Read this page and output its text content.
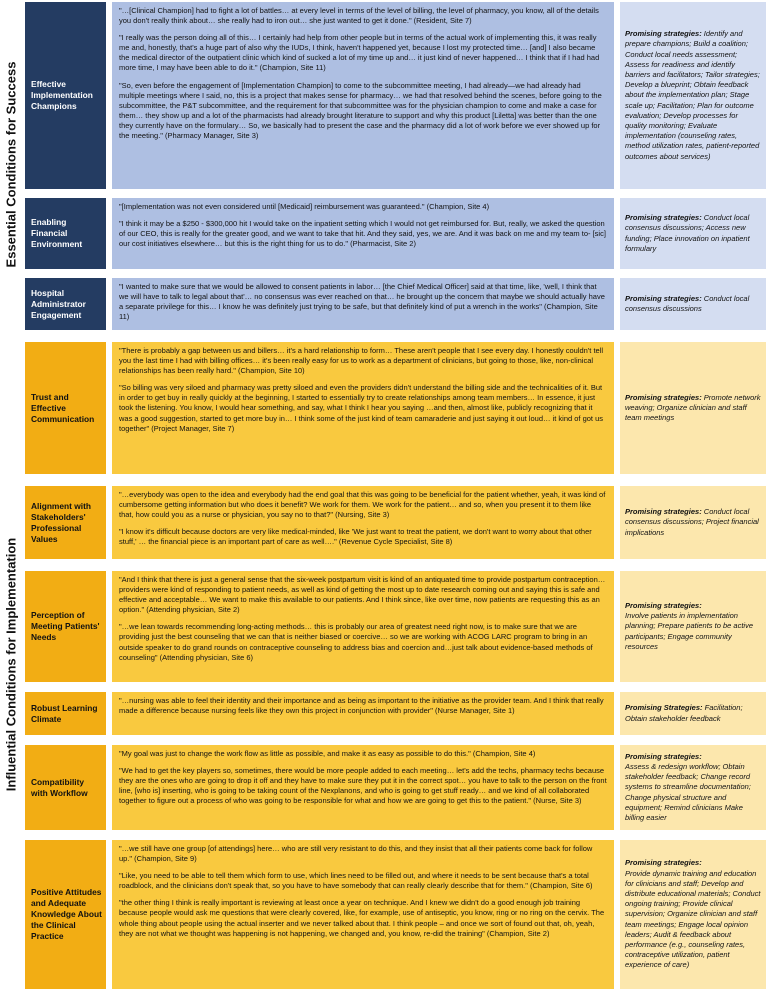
Essential Conditions for Success
Influential Conditions for Implementation
Effective Implementation Champions

"…[Clinical Champion] had to fight a lot of battles… at every level in terms of the level of billing, the level of pharmacy, you know, all of the details you don't really think about… she really had to iron out… she just wanted to get it done." (Resident, Site 7)

"I really was the person doing all of this… I certainly had help from other people but in terms of the actual work of implementing this, it was really me and, honestly, that's a huge part of also why the IUDs, I think, haven't happened yet, because I lost my protected time… [and] I also became the medical director of the outpatient clinic which kind of sucked a lot of my time up and… it just kind of never happened… I think that if I had had more time, I may have been able to do it." (Champion, Site 11)

"So, even before the engagement of [Implementation Champion] to come to the subcommittee meeting, I had already—we had already had multiple meetings where I said, no, this is a project that makes sense for pharmacy… we had that resolved behind the scenes, before going to the subcommittee, the P&T subcommittee, and the requirement for that subcommittee was for the physician champion to come and make a case for them… they show up and a lot of the pharmacists had already brought literature to support and why this product [Liletta] was better than the one they currently have on the formulary… So, we basically had to present the case and the pharmacy did a lot of work before we ever showed up for the meeting." (Pharmacy Manager, Site 3)

Promising strategies: Identify and prepare champions; Build a coalition; Conduct local needs assessment; Assess for readiness and identify barriers and facilitators; Tailor strategies; Develop a blueprint; Obtain feedback about the implementation plan; Stage scale up; Facilitation; Plan for outcome evaluation; Develop processes for quality monitoring; Evaluate implementation (counseling rates, method utilization rates, patient-reported outcomes about services)
Enabling Financial Environment

"[Implementation was not even considered until [Medicaid] reimbursement was guaranteed." (Champion, Site 4)

"I think it may be a $250 - $300,000 hit I would take on the inpatient setting which I would not get reimbursed for. But, really, we asked the question of our CEO, this is really for the greater good, and we want to take that hit. And they said, yes, we are. And it was back on me and my team to- [sic] our cost initiatives elsewhere… but this is the right thing for us to do." (Pharmacist, Site 2)

Promising strategies: Conduct local consensus discussions; Access new funding; Place innovation on inpatient formulary
Hospital Administrator Engagement

"I wanted to make sure that we would be allowed to consent patients in labor… [the Chief Medical Officer] said at that time, like, 'well, I think that we will have to talk to legal about that'… no consensus was ever reached on that… he brought up the concern that maybe we should actually have a separate privilege for this… I know he was definitely just trying to be safe, but that definitely kind of put a wrench in the works" (Champion, Site 11)

Promising strategies: Conduct local consensus discussions
Trust and Effective Communication

"There is probably a gap between us and billers… it's a hard relationship to form… These aren't people that I see every day. I honestly couldn't tell you the last time I had with billing offices… it's been really easy for us to work as a department of clinicians, but going to those, like, non-clinical relationships has been really hard." (Champion, Site 10)

"So billing was very siloed and pharmacy was pretty siloed and even the providers didn't understand the billing side and the technicalities of it. But in order to get buy in really quickly at the beginning, I started to essentially try to create relationships among team members… In essence, it just took the listening. You know, I would hear something, and say, what I think I hear you saying …and then, almost like, publicly recognizing that it was a good suggestion, started to get more buy in… I think some of the just kind of team camaraderie and just saying it out loud… it kind of got us together" (Project Manager, Site 7)

Promising strategies: Promote network weaving; Organize clinician and staff team meetings
Alignment with Stakeholders' Professional Values

"…everybody was open to the idea and everybody had the end goal that this was going to be beneficial for the patient whether, yeah, it was kind of cumbersome getting information but who does it benefit? We work for them. We work for the patient… and so, when you present it to them like that, how could you as a nurse or physician, you say no to that?" (Nursing, Site 3)

"I know it's difficult because doctors are very like medical-minded, like 'We just want to treat the patient, we don't want to worry about that other stuff,' … the financial piece is an important part of care as well…." (Revenue Cycle Specialist, Site 8)

Promising strategies: Conduct local consensus discussions; Project financial implications
Perception of Meeting Patients' Needs

"And I think that there is just a general sense that the six-week postpartum visit is kind of an antiquated time to provide postpartum contraception… providers were kind of responding to patient needs, as well as kind of getting the most up to date research coming out and saying this is safe and effective and acceptable… We want to make this available to our patients. And I think since, like over time, now patients are requesting this as an option." (Attending physician, Site 2)

"…we lean towards recommending long-acting methods… this is probably our area of greatest need right now, is to make sure that we are providing just the best counseling that we can that is neither biased or coercive… so we are working with ACOG LARC program to bring in an outside speaker to do grand rounds on contraceptive counseling to address bias and coercion and…just talk about evidence-based methods of counseling" (Attending physician, Site 6)

Promising strategies:
Involve patients in implementation planning; Prepare patients to be active participants; Engage community resources
Robust Learning Climate

"…nursing was able to feel their identity and their importance and as being as important to the initiative as the provider team. And I think that really made a difference because nursing feels like they own this project in conjunction with provider" (Nurse Manager, Site 1)	Promising Strategies: Facilitation; Obtain stakeholder feedback
Compatibility with Workflow

"My goal was just to change the work flow as little as possible, and make it as easy as possible to do this." (Champion, Site 4)

"We had to get the key players so, sometimes, there would be more people added to each meeting… let's add the techs, pharmacy techs because they are the ones who are going to drop it off and they have to make sure they put it in the correct spot… you have to talk to the person on the front line, [who is] inserting, who is going to be taking count of the Nexplanons, and who is going to get stuff ready… and we kind of all collaborated together to figure out a process of who was going to be responsible for what and how we are going to get this to the patient." (Nurse, Site 3)

Promising strategies:
Assess & redesign workflow; Obtain stakeholder feedback; Change record systems to streamline documentation; Change physical structure and equipment; Remind clinicians Make billing easier
Positive Attitudes and Adequate Knowledge About the Clinical Practice

"…we still have one group [of attendings] here… who are still very resistant to do this, and they insist that all their patients come back for follow up." (Champion, Site 9)

"Like, you need to be able to tell them which form to use, which lines need to be filled out, and where it needs to be sent because that's a total roadblock, and the clinicians don't speak that, so you have to have somebody that can really clearly describe that for them." (Champion, Site 6)

"the other thing I think is really important is reviewing at least once a year on technique. And I knew we didn't do a good enough job training because people would ask me questions that were clearly covered, like, for example, use of antiseptic, you know, ring or no ring on the cervix. The whole thing about people using the actual inserter and we never talked about that. I think people – and once we sort of found out that, oh, yeah, they are not what we thought was happening is not happening, we changed and, you know, re-did the training" (Champion, Site 2)

Promising strategies:
Provide dynamic training and education for clinicians and staff; Develop and distribute educational materials; Conduct ongoing training; Provide clinical supervision; Organize clinician and staff team meetings; Engage local opinion leaders; Audit & feedback about performance (e.g., counseling rates, contraceptive utilization, patient experience of care)
